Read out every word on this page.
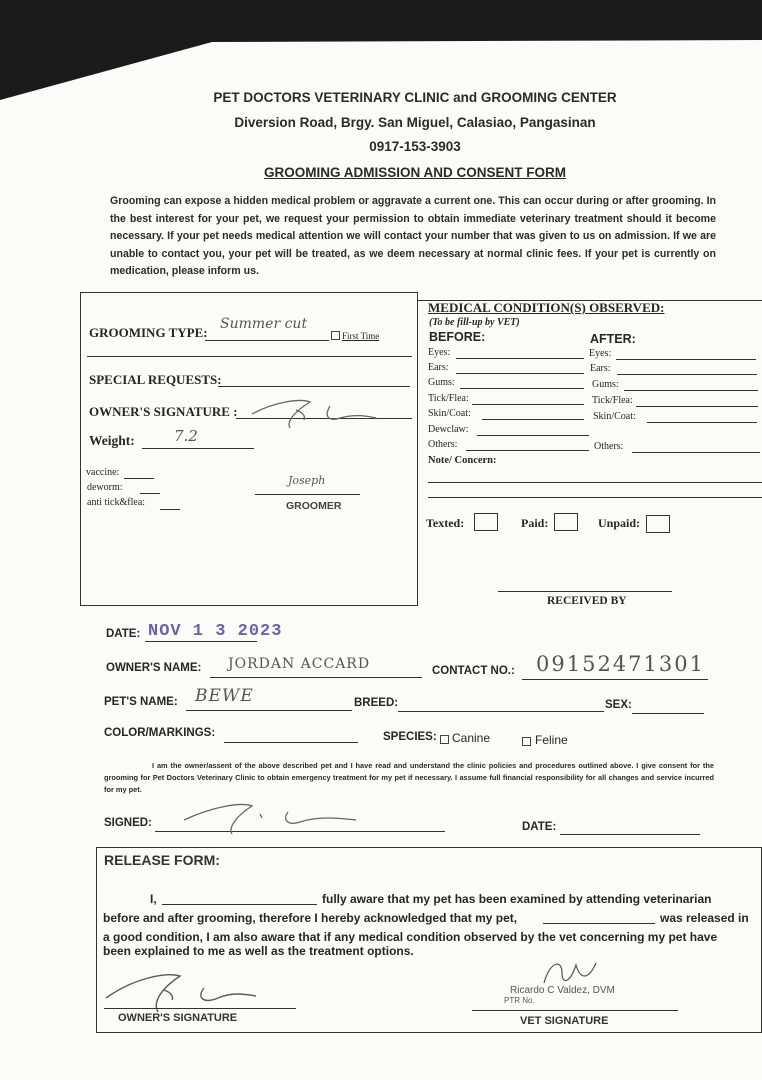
PET DOCTORS VETERINARY CLINIC and GROOMING CENTER
Diversion Road, Brgy. San Miguel, Calasiao, Pangasinan
0917-153-3903
GROOMING ADMISSION AND CONSENT FORM
Grooming can expose a hidden medical problem or aggravate a current one. This can occur during or after grooming. In the best interest for your pet, we request your permission to obtain immediate veterinary treatment should it become necessary. If your pet needs medical attention we will contact your number that was given to us on admission. If we are unable to contact you, your pet will be treated, as we deem necessary at normal clinic fees. If your pet is currently on medication, please inform us.
GROOMING TYPE:
Summer cut
First Time
SPECIAL REQUESTS:
OWNER'S SIGNATURE :
Weight:	7.2
vaccine:
deworm:
anti tick&flea:
Joseph
GROOMER
MEDICAL CONDITION(S) OBSERVED:
(To be fill-up by VET)
BEFORE:	AFTER:
Eyes:	Eyes:
Ears:	Ears:
Gums:	Gums:
Tick/Flea:	Tick/Flea:
Skin/Coat:	Skin/Coat:
Dewclaw:
Others:	Others:
Note/ Concern:
Texted:	Paid:	Unpaid:
RECEIVED BY
DATE: NOV 1 3 2023
OWNER'S NAME: JORDAN ACCARD	CONTACT NO.: 09152471301
PET'S NAME: BEWE	BREED:	SEX:
COLOR/MARKINGS:	SPECIES: Canine	Feline
I am the owner/assent of the above described pet and I have read and understand the clinic policies and procedures outlined above. I give consent for the grooming for Pet Doctors Veterinary Clinic to obtain emergency treatment for my pet if necessary. I assume full financial responsibility for all changes and service incurred for my pet.
SIGNED:	DATE:
RELEASE FORM:
I,	fully aware that my pet has been examined by attending veterinarian
before and after grooming, therefore I hereby acknowledged that my pet,	was released in
a good condition, I am also aware that if any medical condition observed by the vet concerning my pet have
been explained to me as well as the treatment options.
OWNER'S SIGNATURE
Ricardo C Valdez, DVM
PTR No.
VET SIGNATURE
